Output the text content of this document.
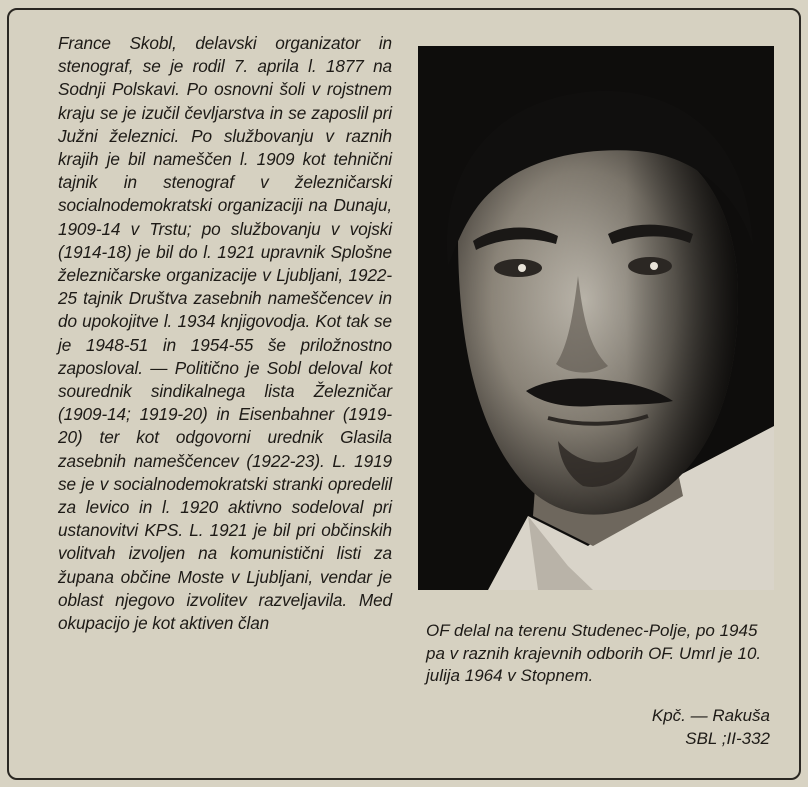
France Skobl, delavski organizator in stenograf, se je rodil 7. aprila l. 1877 na Sodnji Polskavi. Po osnovni šoli v rojstnem kraju se je izučil čevljarstva in se zaposlil pri Južni železnici. Po službovanju v raznih krajih je bil nameščen l. 1909 kot tehnični tajnik in stenograf v železničarski socialnodemokratski organizaciji na Dunaju, 1909-14 v Trstu; po službovanju v vojski (1914-18) je bil do l. 1921 upravnik Splošne železničarske organizacije v Ljubljani, 1922-25 tajnik Društva zasebnih nameščencev in do upokojitve l. 1934 knjigovodja. Kot tak se je 1948-51 in 1954-55 še priložnostno zaposloval. — Politično je Sobl deloval kot sourednik sindikalnega lista Železničar (1909-14; 1919-20) in Eisenbahner (1919-20) ter kot odgovorni urednik Glasila zasebnih nameščencev (1922-23). L. 1919 se je v socialnodemokratski stranki opredelil za levico in l. 1920 aktivno sodeloval pri ustanovitvi KPS. L. 1921 je bil pri občinskih volitvah izvoljen na komunistični listi za župana občine Moste v Ljubljani, vendar je oblast njegovo izvolitev razveljavila. Med okupacijo je kot aktiven član	OF delal na terenu Studenec-Polje, po 1945 pa v raznih krajevnih odborih OF. Umrl je 10. julija 1964 v Stopnem.

Kpč. — Rakuša
SBL ;II-332
